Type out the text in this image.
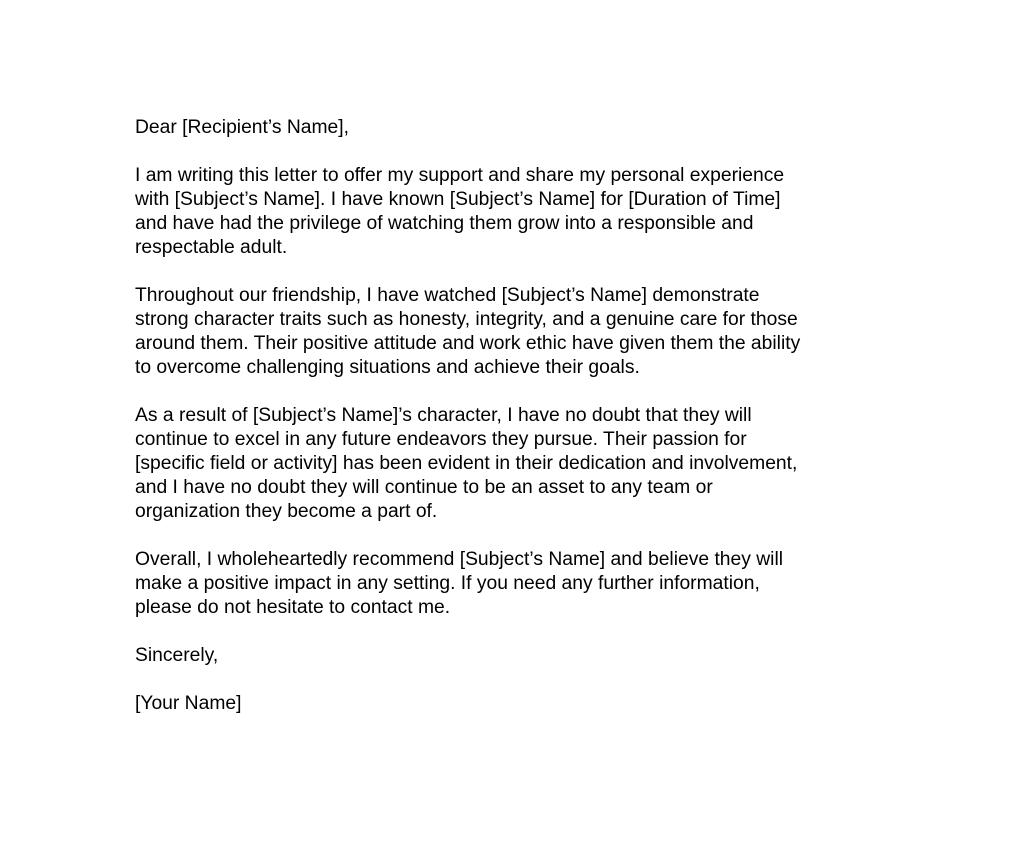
Dear [Recipient’s Name],

I am writing this letter to offer my support and share my personal experience
with [Subject’s Name]. I have known [Subject’s Name] for [Duration of Time]
and have had the privilege of watching them grow into a responsible and
respectable adult.

Throughout our friendship, I have watched [Subject’s Name] demonstrate
strong character traits such as honesty, integrity, and a genuine care for those
around them. Their positive attitude and work ethic have given them the ability
to overcome challenging situations and achieve their goals.

As a result of [Subject’s Name]’s character, I have no doubt that they will
continue to excel in any future endeavors they pursue. Their passion for
[specific field or activity] has been evident in their dedication and involvement,
and I have no doubt they will continue to be an asset to any team or
organization they become a part of.

Overall, I wholeheartedly recommend [Subject’s Name] and believe they will
make a positive impact in any setting. If you need any further information,
please do not hesitate to contact me.

Sincerely,

[Your Name]
